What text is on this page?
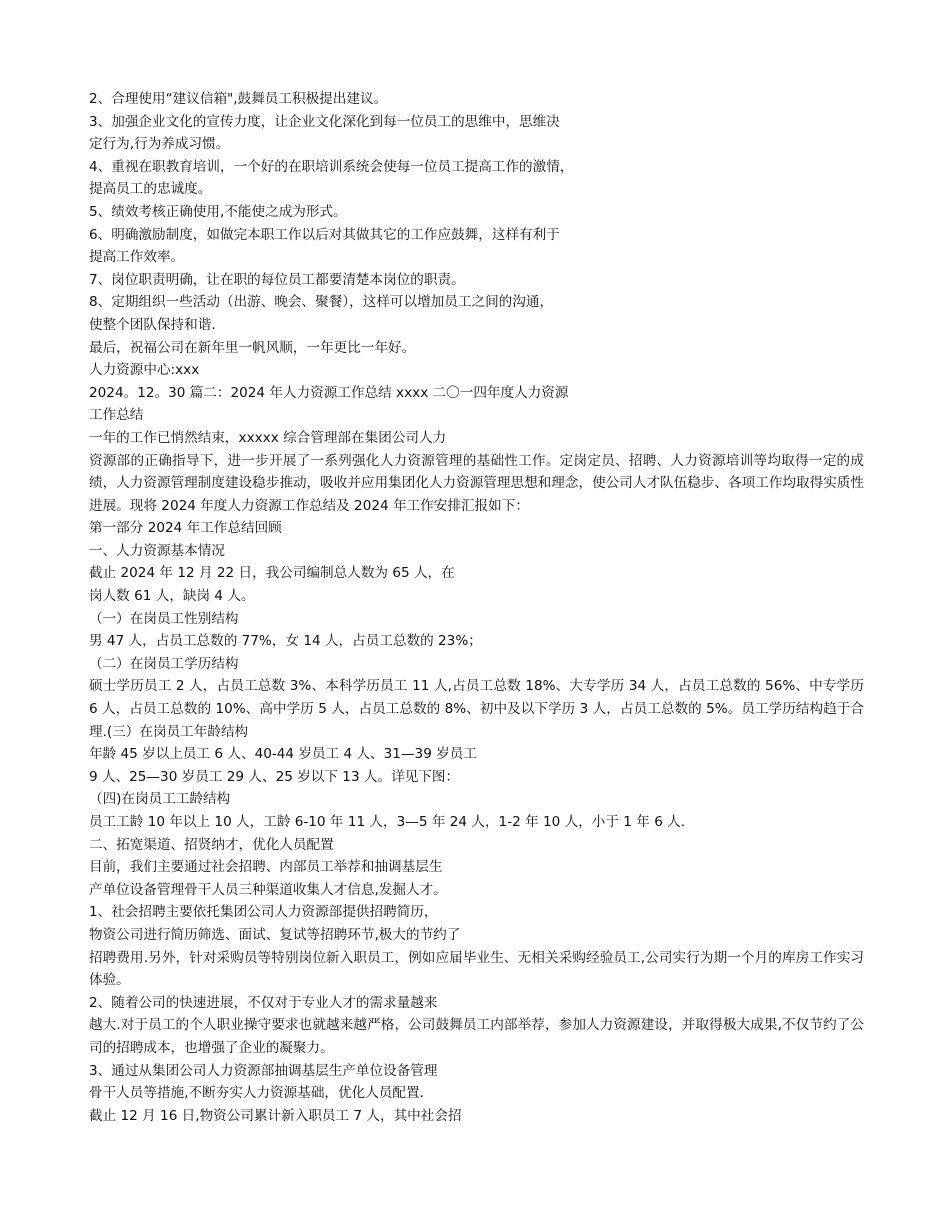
2、合理使用“建议信箱",鼓舞员工积极提出建议。

3、加强企业文化的宣传力度，让企业文化深化到每一位员工的思维中，思维决

定行为,行为养成习惯。

4、重视在职教育培训，一个好的在职培训系统会使每一位员工提高工作的激情，

提高员工的忠诚度。

5、绩效考核正确使用,不能使之成为形式。

6、明确激励制度，如做完本职工作以后对其做其它的工作应鼓舞，这样有利于

提高工作效率。

7、岗位职责明确，让在职的每位员工都要清楚本岗位的职责。

8、定期组织一些活动（出游、晚会、聚餐），这样可以增加员工之间的沟通，

使整个团队保持和谐.

最后，祝福公司在新年里一帆风顺，一年更比一年好。

人力资源中心:xxx

2024。12。30 篇二：2024 年人力资源工作总结 xxxx 二〇一四年度人力资源

工作总结

一年的工作已悄然结束，xxxxx 综合管理部在集团公司人力

资源部的正确指导下，进一步开展了一系列强化人力资源管理的基础性工作。定岗定员、招聘、人力资源培训等均取得一定的成绩，人力资源管理制度建设稳步推动，吸收并应用集团化人力资源管理思想和理念，使公司人才队伍稳步、各项工作均取得实质性进展。现将 2024 年度人力资源工作总结及 2024 年工作安排汇报如下：

第一部分 2024 年工作总结回顾

一、人力资源基本情况

截止 2024 年 12 月 22 日，我公司编制总人数为 65 人，在

岗人数 61 人，缺岗 4 人。

（一）在岗员工性别结构

男 47 人，占员工总数的 77%，女 14 人，占员工总数的 23%；

（二）在岗员工学历结构

硕士学历员工 2 人，占员工总数 3%、本科学历员工 11 人,占员工总数 18%、大专学历 34 人，占员工总数的 56%、中专学历 6 人，占员工总数的 10%、高中学历 5 人，占员工总数的 8%、初中及以下学历 3 人，占员工总数的 5%。员工学历结构趋于合理.(三）在岗员工年龄结构

年龄 45 岁以上员工 6 人、40-44 岁员工 4 人、31—39 岁员工

9 人、25—30 岁员工 29 人、25 岁以下 13 人。详见下图：

（四)在岗员工工龄结构

员工工龄 10 年以上 10 人，工龄 6-10 年 11 人，3—5 年 24 人，1-2 年 10 人，小于 1 年 6 人.

二、拓宽渠道、招贤纳才，优化人员配置

目前，我们主要通过社会招聘、内部员工举荐和抽调基层生

产单位设备管理骨干人员三种渠道收集人才信息,发掘人才。

1、社会招聘主要依托集团公司人力资源部提供招聘简历，

物资公司进行简历筛选、面试、复试等招聘环节,极大的节约了

招聘费用.另外，针对采购员等特别岗位新入职员工，例如应届毕业生、无相关采购经验员工,公司实行为期一个月的库房工作实习体验。

2、随着公司的快速进展，不仅对于专业人才的需求量越来

越大.对于员工的个人职业操守要求也就越来越严格，公司鼓舞员工内部举荐，参加人力资源建设，并取得极大成果,不仅节约了公司的招聘成本，也增强了企业的凝聚力。

3、通过从集团公司人力资源部抽调基层生产单位设备管理

骨干人员等措施,不断夯实人力资源基础，优化人员配置.

截止 12 月 16 日,物资公司累计新入职员工 7 人，其中社会招
